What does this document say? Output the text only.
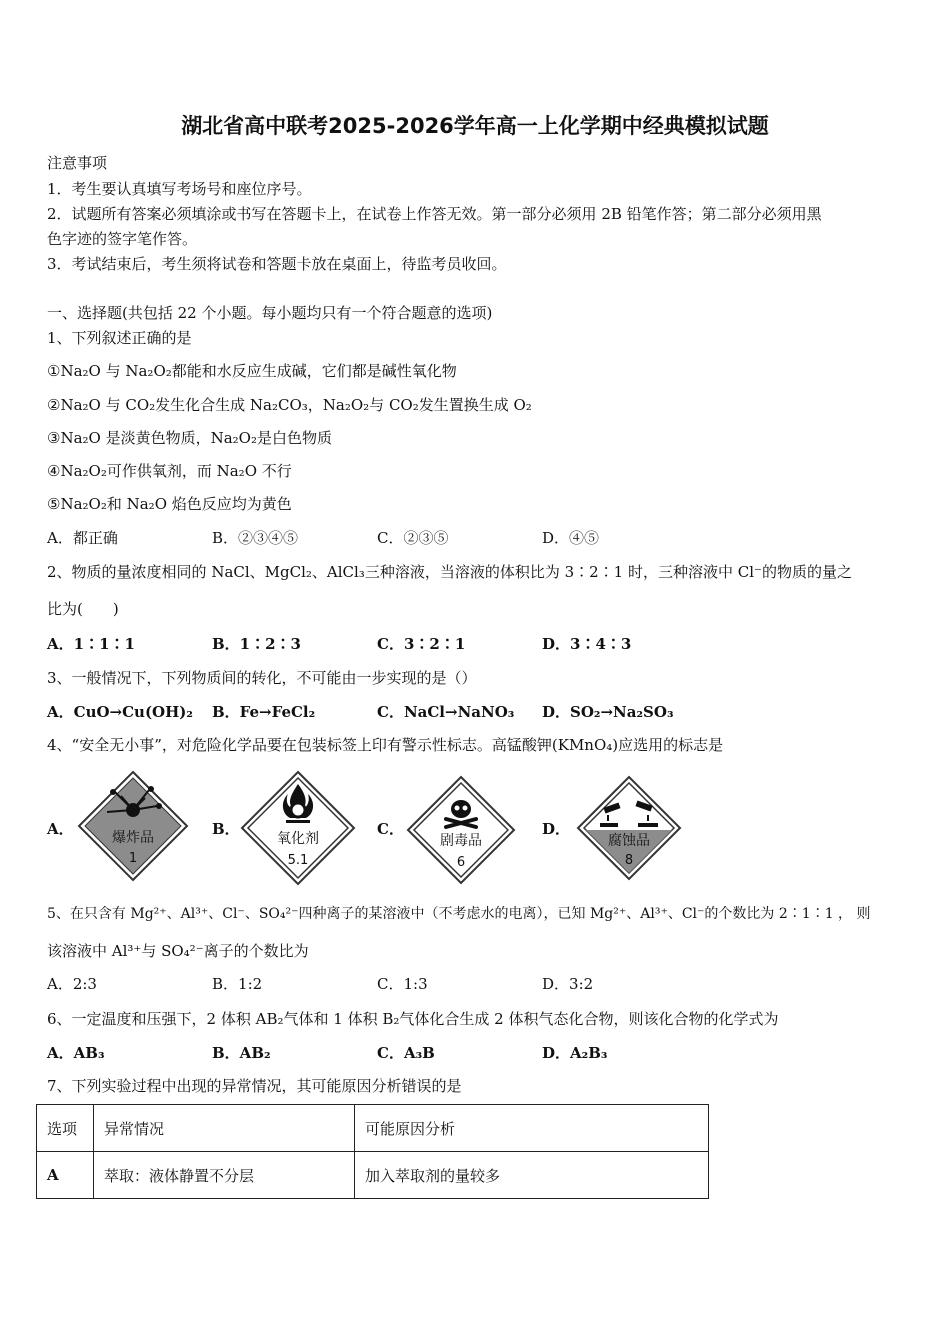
湖北省高中联考2025-2026学年高一上化学期中经典模拟试题
注意事项
1．考生要认真填写考场号和座位序号。
2．试题所有答案必须填涂或书写在答题卡上，在试卷上作答无效。第一部分必须用 2B 铅笔作答；第二部分必须用黑
色字迹的签字笔作答。
3．考试结束后，考生须将试卷和答题卡放在桌面上，待监考员收回。
一、选择题(共包括 22 个小题。每小题均只有一个符合题意的选项)
1、下列叙述正确的是
①Na₂O 与 Na₂O₂都能和水反应生成碱，它们都是碱性氧化物
②Na₂O 与 CO₂发生化合生成 Na₂CO₃，Na₂O₂与 CO₂发生置换生成 O₂
③Na₂O 是淡黄色物质，Na₂O₂是白色物质
④Na₂O₂可作供氧剂，而 Na₂O 不行
⑤Na₂O₂和 Na₂O 焰色反应均为黄色
A．都正确	B．②③④⑤	C．②③⑤	D．④⑤
2、物质的量浓度相同的 NaCl、MgCl₂、AlCl₃三种溶液，当溶液的体积比为 3∶2∶1 时，三种溶液中 Cl⁻的物质的量之
比为(　　)
A．1∶1∶1	B．1∶2∶3	C．3∶2∶1	D．3∶4∶3
3、一般情况下，下列物质间的转化，不可能由一步实现的是（）
A．CuO→Cu(OH)₂ B．Fe→FeCl₂	C．NaCl→NaNO₃ D．SO₂→Na₂SO₃
4、“安全无小事”，对危险化学品要在包装标签上印有警示性标志。高锰酸钾(KMnO₄)应选用的标志是
A．	爆炸品
1
B．
氧化剂
5.1
C．
剧毒品
6
D．
腐蚀品
8
5、在只含有 Mg²⁺、Al³⁺、Cl⁻、SO₄²⁻四种离子的某溶液中（不考虑水的电离），已知 Mg²⁺、Al³⁺、Cl⁻的个数比为 2∶1∶1 ， 则
该溶液中 Al³⁺与 SO₄²⁻离子的个数比为
A．2:3	B．1:2	C．1:3	D．3:2
6、一定温度和压强下，2 体积 AB₂气体和 1 体积 B₂气体化合生成 2 体积气态化合物，则该化合物的化学式为
A．AB₃	B．AB₂	C．A₃B	D．A₂B₃
7、下列实验过程中出现的异常情况，其可能原因分析错误的是
选项	异常情况	可能原因分析
A	萃取：液体静置不分层	加入萃取剂的量较多
